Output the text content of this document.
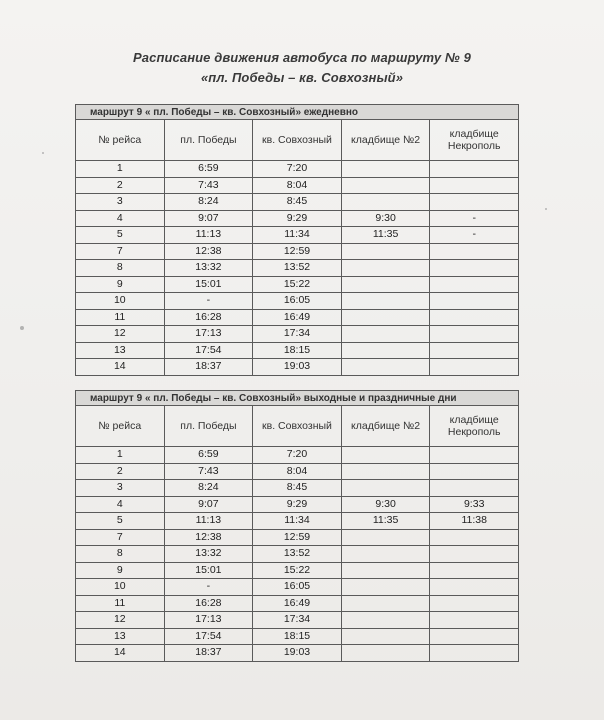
Расписание движения автобуса по маршруту № 9
«пл. Победы – кв. Совхозный»
маршрут 9 « пл. Победы – кв. Совхозный» ежедневно				
№ рейса	пл. Победы	кв. Совхозный	кладбище №2	кладбище Некрополь
1	6:59	7:20		
2	7:43	8:04		
3	8:24	8:45		
4	9:07	9:29	9:30	-
5	11:13	11:34	11:35	-
7	12:38	12:59		
8	13:32	13:52		
9	15:01	15:22		
10	-	16:05		
11	16:28	16:49		
12	17:13	17:34		
13	17:54	18:15		
14	18:37	19:03		
маршрут 9 « пл. Победы – кв. Совхозный» выходные и праздничные дни				
№ рейса	пл. Победы	кв. Совхозный	кладбище №2	кладбище Некрополь
1	6:59	7:20		
2	7:43	8:04		
3	8:24	8:45		
4	9:07	9:29	9:30	9:33
5	11:13	11:34	11:35	11:38
7	12:38	12:59		
8	13:32	13:52		
9	15:01	15:22		
10	-	16:05		
11	16:28	16:49		
12	17:13	17:34		
13	17:54	18:15		
14	18:37	19:03		
